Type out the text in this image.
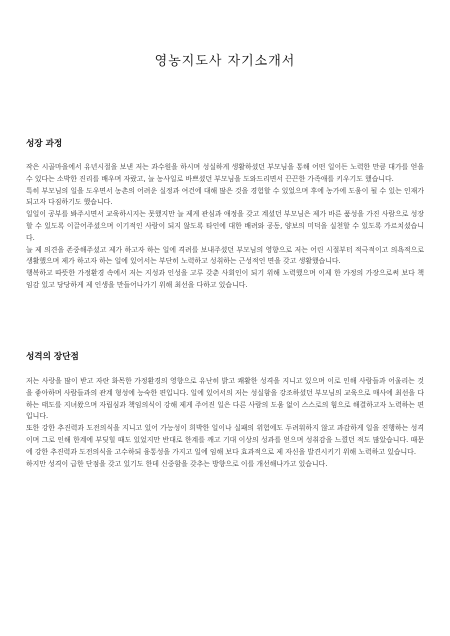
영농지도사 자기소개서
성장 과정

작은 시골마을에서 유년시절을 보낸 저는 과수원을 하시며 성실하게 생활하셨던 부모님을 통해 어떤 일이든 노력한 만큼 대가를 얻을 수 있다는 소박한 진리를 배우며 자랐고, 늘 농사일로 바쁘셨던 부모님을 도와드리면서 끈끈한 가족애를 키우기도 했습니다.

특히 부모님의 일을 도우면서 농촌의 어려운 실정과 여건에 대해 많은 것을 경험할 수 있었으며 후에 농가에 도움이 될 수 있는 인재가 되고자 다짐하기도 했습니다.

일일이 공부를 봐주시면서 교육하시지는 못했지만 늘 제게 관심과 애정을 갖고 계셨던 부모님은 제가 바른 품성을 가진 사람으로 성장할 수 있도록 이끌어주셨으며 이기적인 사람이 되지 않도록 타인에 대한 배려와 공동, 양보의 미덕을 실천할 수 있도록 가르치셨습니다.

늘 제 의견을 존중해주셨고 제가 하고자 하는 일에 격려를 보내주셨던 부모님의 영향으로 저는 어린 시절부터 적극적이고 의욕적으로 생활했으며 제가 하고자 하는 일에 있어서는 부단히 노력하고 성취하는 근성적인 면을 갖고 생활했습니다.

행복하고 따뜻한 가정환경 속에서 저는 지성과 인성을 고루 갖춘 사회인이 되기 위해 노력했으며 이제 한 가정의 가장으로써 보다 책임감 있고 당당하게 제 인생을 만들어나가기 위해 최선을 다하고 있습니다.

성격의 장단점

저는 사랑을 많이 받고 자란 화목한 가정환경의 영향으로 유난히 밝고 쾌활한 성격을 지니고 있으며 이로 인해 사람들과 어울리는 것을 좋아하며 사람들과의 관계 형성에 능숙한 편입니다. 일에 있어서의 저는 성실함을 강조하셨던 부모님의 교육으로 매사에 최선을 다하는 태도를 지녀왔으며 자립심과 책임의식이 강해 제게 주어진 일은 다른 사람의 도움 없이 스스로의 힘으로 해결하고자 노력하는 편입니다.

또한 강한 추진력과 도전의식을 지니고 있어 가능성이 희박한 일이나 실패의 위험에도 두려워하지 않고 과감하게 일을 진행하는 성격이며 그로 인해 한계에 부딪힐 때도 있었지만 반대로 한계를 깨고 기대 이상의 성과를 얻으며 성취감을 느꼈던 적도 많았습니다. 때문에 강한 추진력과 도전의식을 고수하되 융통성을 가지고 일에 임해 보다 효과적으로 제 자신을 발견시키기 위해 노력하고 있습니다.

하지만 성격이 급한 단점을 갖고 있기도 한데 신중함을 갖추는 방향으로 이를 개선해나가고 있습니다.
